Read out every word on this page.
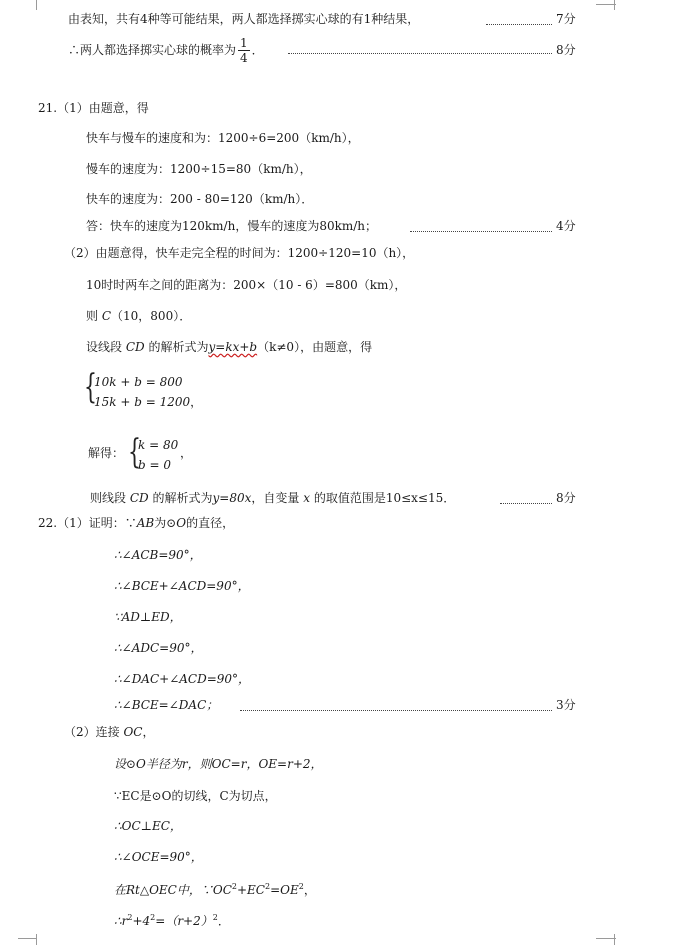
由表知，共有4种等可能结果，两人都选择掷实心球的有1种结果，	7分
∴两人都选择掷实心球的概率为 $\frac{1}{4}$ ．	8分
21.（1）由题意，得
快车与慢车的速度和为：1200÷6=200（km/h），
慢车的速度为：1200÷15=80（km/h），
快车的速度为：200 - 80=120（km/h）．
答：快车的速度为120km/h，慢车的速度为80km/h；	4分
（2）由题意得，快车走完全程的时间为：1200÷120=10（h），
10时时两车之间的距离为：200×（10 - 6）=800（km），
则 C（10，800）．
设线段 CD 的解析式为y=kx+b（k≠0），由题意，得
{
10k + b = 800
15k + b = 1200，
解得： {
k = 80
b = 0
，
则线段 CD 的解析式为y=80x，自变量 x 的取值范围是10≤x≤15．	8分
22.（1）证明：∵AB为⊙O的直径，
∴∠ACB=90°，
∴∠BCE+∠ACD=90°，
∵AD⊥ED，
∴∠ADC=90°，
∴∠DAC+∠ACD=90°，
∴∠BCE=∠DAC；	3分
（2）连接 OC，
设⊙O半径为r，则OC=r，OE=r+2，
∵EC是⊙O的切线，C为切点，
∴OC⊥EC，
∴∠OCE=90°，
在Rt△OEC中，$\because OC^2+EC^2=OE^2$，
$\therefore r^2+4^2=(r+2)^2$．
